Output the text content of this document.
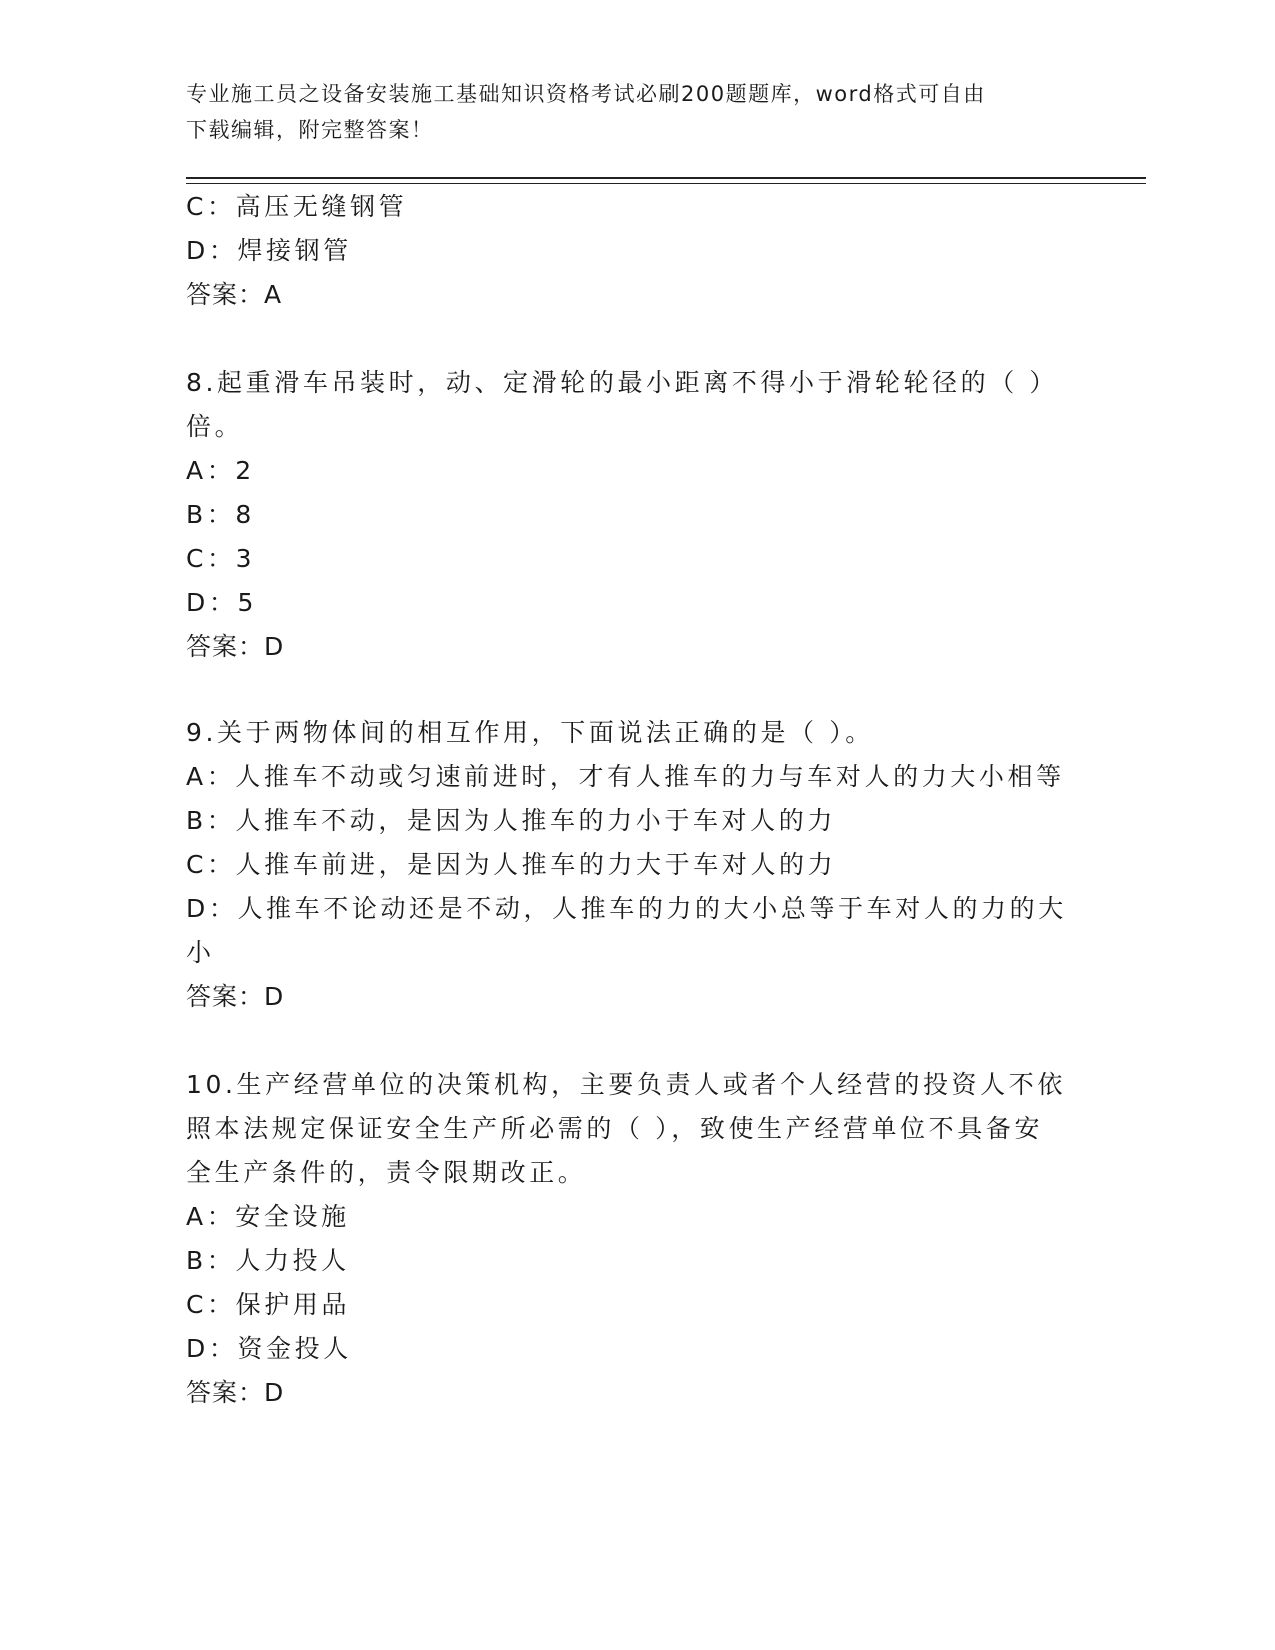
专业施工员之设备安装施工基础知识资格考试必刷200题题库，word格式可自由
下载编辑，附完整答案！
C：高压无缝钢管
D：焊接钢管
答案：A
8.起重滑车吊装时，动、定滑轮的最小距离不得小于滑轮轮径的（ ）
倍。
A：2
B：8
C：3
D：5
答案：D
9.关于两物体间的相互作用，下面说法正确的是（ ）。
A：人推车不动或匀速前进时，才有人推车的力与车对人的力大小相等
B：人推车不动，是因为人推车的力小于车对人的力
C：人推车前进，是因为人推车的力大于车对人的力
D：人推车不论动还是不动，人推车的力的大小总等于车对人的力的大
小
答案：D
10.生产经营单位的决策机构，主要负责人或者个人经营的投资人不依
照本法规定保证安全生产所必需的（ ），致使生产经营单位不具备安
全生产条件的，责令限期改正。
A：安全设施
B：人力投人
C：保护用品
D：资金投人
答案：D
